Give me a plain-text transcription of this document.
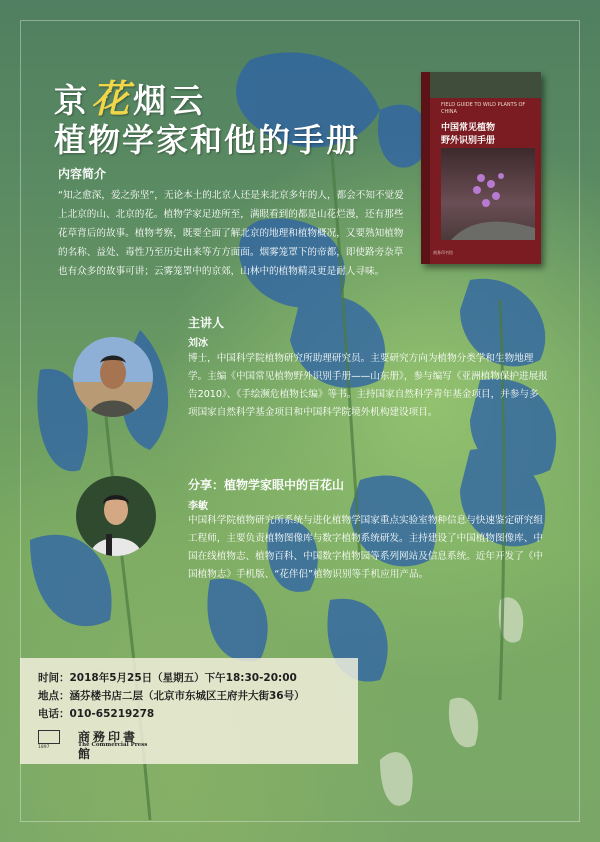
京花烟云
植物学家和他的手册
内容简介
“知之愈深，爱之弥坚”，无论本土的北京人还是来北京多年的人，都会不知不觉爱上北京的山、北京的花。植物学家足迹所至，满眼看到的都是山花烂漫，还有那些花草背后的故事。植物考察，既要全面了解北京的地理和植物概况，又要熟知植物的名称、益处、毒性乃至历史由来等方方面面。烟雾笼罩下的帝都，即使路旁杂草也有众多的故事可讲；云雾笼罩中的京郊，山林中的植物精灵更是耐人寻味。
FIELD GUIDE TO WILD PLANTS OF CHINA
中国常见植物
野外识别手册
商务印书馆
主讲人
刘冰
博士，中国科学院植物研究所助理研究员。主要研究方向为植物分类学和生物地理学。主编《中国常见植物野外识别手册——山东册》，参与编写《亚洲植物保护进展报告2010》、《手绘濒危植物长编》等书。主持国家自然科学青年基金项目，并参与多项国家自然科学基金项目和中国科学院境外机构建设项目。
分享：植物学家眼中的百花山
李敏
中国科学院植物研究所系统与进化植物学国家重点实验室物种信息与快速鉴定研究组工程师，主要负责植物图像库与数字植物系统研发。主持建设了中国植物图像库、中国在线植物志、植物百科、中国数字植物园等系列网站及信息系统。近年开发了《中国植物志》手机版、“花伴侣”植物识别等手机应用产品。
时间：2018年5月25日（星期五）下午18:30-20:00
地点：涵芬楼书店二层（北京市东城区王府井大街36号）
电话：010-65219278
1897
商務印書館
The Commercial Press
